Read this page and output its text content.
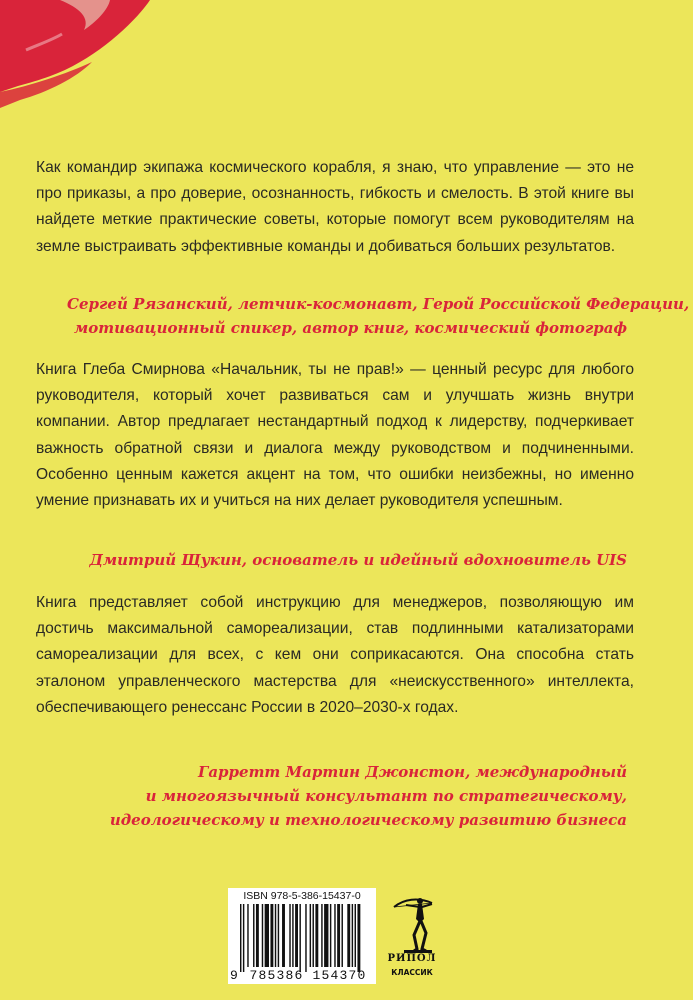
Как командир экипажа космического корабля, я знаю, что управление — это не про приказы, а про доверие, осознанность, гибкость и смелость. В этой книге вы найдете меткие практические советы, которые помогут всем руководителям на земле выстраивать эффективные команды и добиваться больших результатов.
Сергей Рязанский, летчик-космонавт, Герой Российской Федерации,
мотивационный спикер, автор книг, космический фотограф
Книга Глеба Смирнова «Начальник, ты не прав!» — ценный ресурс для любого руководителя, который хочет развиваться сам и улучшать жизнь внутри компании. Автор предлагает нестандартный подход к лидерству, подчеркивает важность обратной связи и диалога между руководством и подчиненными. Особенно ценным кажется акцент на том, что ошибки неизбежны, но именно умение признавать их и учиться на них делает руководителя успешным.
Дмитрий Щукин, основатель и идейный вдохновитель UIS
Книга представляет собой инструкцию для менеджеров, позволяющую им достичь максимальной самореализации, став подлинными катализаторами самореализации для всех, с кем они соприкасаются. Она способна стать эталоном управленческого мастерства для «неискусственного» интеллекта, обеспечивающего ренессанс России в 2020–2030-х годах.
Гарретт Мартин Джонстон, международный
и многоязычный консультант по стратегическому,
идеологическому и технологическому развитию бизнеса
ISBN 978-5-386-15437-0
9 785386 154370
РИПОЛ
КЛАССИК
